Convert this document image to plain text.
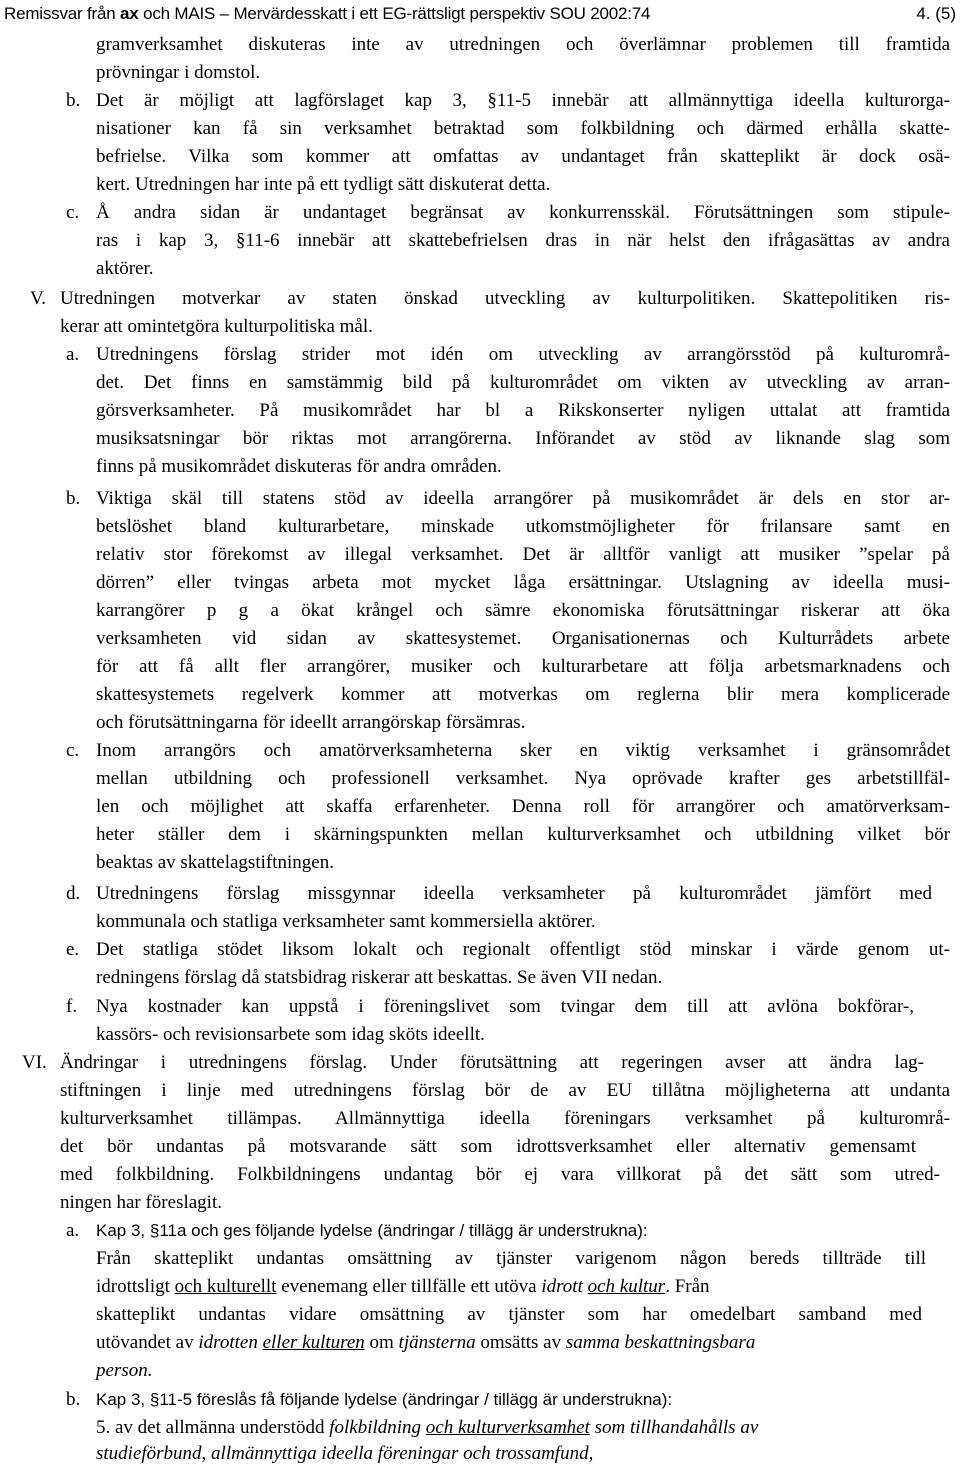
Remissvar från ax och MAIS – Mervärdesskatt i ett EG-rättsligt perspektiv SOU 2002:74	4. (5)
gramverksamhet diskuteras inte av utredningen och överlämnar problemen till framtida
prövningar i domstol.
b. Det är möjligt att lagförslaget kap 3, §11-5 innebär att allmännyttiga ideella kulturorga-
nisationer kan få sin verksamhet betraktad som folkbildning och därmed erhålla skatte-
befrielse. Vilka som kommer att omfattas av undantaget från skatteplikt är dock osä-
kert. Utredningen har inte på ett tydligt sätt diskuterat detta.
c. Å andra sidan är undantaget begränsat av konkurrensskäl. Förutsättningen som stipule-
ras i kap 3, §11-6 innebär att skattebefrielsen dras in när helst den ifrågasättas av andra
aktörer.
V. Utredningen motverkar av staten önskad utveckling av kulturpolitiken. Skattepolitiken ris-
kerar att omintetgöra kulturpolitiska mål.
a. Utredningens förslag strider mot idén om utveckling av arrangörsstöd på kulturområ-
det. Det finns en samstämmig bild på kulturområdet om vikten av utveckling av arran-
görsverksamheter. På musikområdet har bl a Rikskonserter nyligen uttalat att framtida
musiksatsningar bör riktas mot arrangörerna. Införandet av stöd av liknande slag som
finns på musikområdet diskuteras för andra områden.
b. Viktiga skäl till statens stöd av ideella arrangörer på musikområdet är dels en stor ar-
betslöshet bland kulturarbetare, minskade utkomstmöjligheter för frilansare samt en
relativ stor förekomst av illegal verksamhet. Det är alltför vanligt att musiker ”spelar på
dörren” eller tvingas arbeta mot mycket låga ersättningar. Utslagning av ideella musi-
karrangörer p g a ökat krångel och sämre ekonomiska förutsättningar riskerar att öka
verksamheten vid sidan av skattesystemet. Organisationernas och Kulturrådets arbete
för att få allt fler arrangörer, musiker och kulturarbetare att följa arbetsmarknadens och
skattesystemets regelverk kommer att motverkas om reglerna blir mera komplicerade
och förutsättningarna för ideellt arrangörskap försämras.
c. Inom arrangörs och amatörverksamheterna sker en viktig verksamhet i gränsområdet
mellan utbildning och professionell verksamhet. Nya oprövade krafter ges arbetstillfäl-
len och möjlighet att skaffa erfarenheter. Denna roll för arrangörer och amatörverksam-
heter ställer dem i skärningspunkten mellan kulturverksamhet och utbildning vilket bör
beaktas av skattelagstiftningen.
d. Utredningens förslag missgynnar ideella verksamheter på kulturområdet jämfört med
kommunala och statliga verksamheter samt kommersiella aktörer.
e. Det statliga stödet liksom lokalt och regionalt offentligt stöd minskar i värde genom ut-
redningens förslag då statsbidrag riskerar att beskattas. Se även VII nedan.
f. Nya kostnader kan uppstå i föreningslivet som tvingar dem till att avlöna bokförar-,
kassörs- och revisionsarbete som idag sköts ideellt.
VI. Ändringar i utredningens förslag. Under förutsättning att regeringen avser att ändra lag-
stiftningen i linje med utredningens förslag bör de av EU tillåtna möjligheterna att undanta
kulturverksamhet tillämpas. Allmännyttiga ideella föreningars verksamhet på kulturområ-
det bör undantas på motsvarande sätt som idrottsverksamhet eller alternativ gemensamt
med folkbildning. Folkbildningens undantag bör ej vara villkorat på det sätt som utred-
ningen har föreslagit.
a. Kap 3, §11a och ges följande lydelse (ändringar / tillägg är understrukna):
Från skatteplikt undantas omsättning av tjänster varigenom någon bereds tillträde till
idrottsligt och kulturellt evenemang eller tillfälle ett utöva idrott och kultur. Från
skatteplikt undantas vidare omsättning av tjänster som har omedelbart samband med
utövandet av idrotten eller kulturen om tjänsterna omsätts av samma beskattningsbara
person.
b. Kap 3, §11-5 föreslås få följande lydelse (ändringar / tillägg är understrukna):
5. av det allmänna understödd folkbildning och kulturverksamhet som tillhandahålls av
studieförbund, allmännyttiga ideella föreningar och trossamfund,
